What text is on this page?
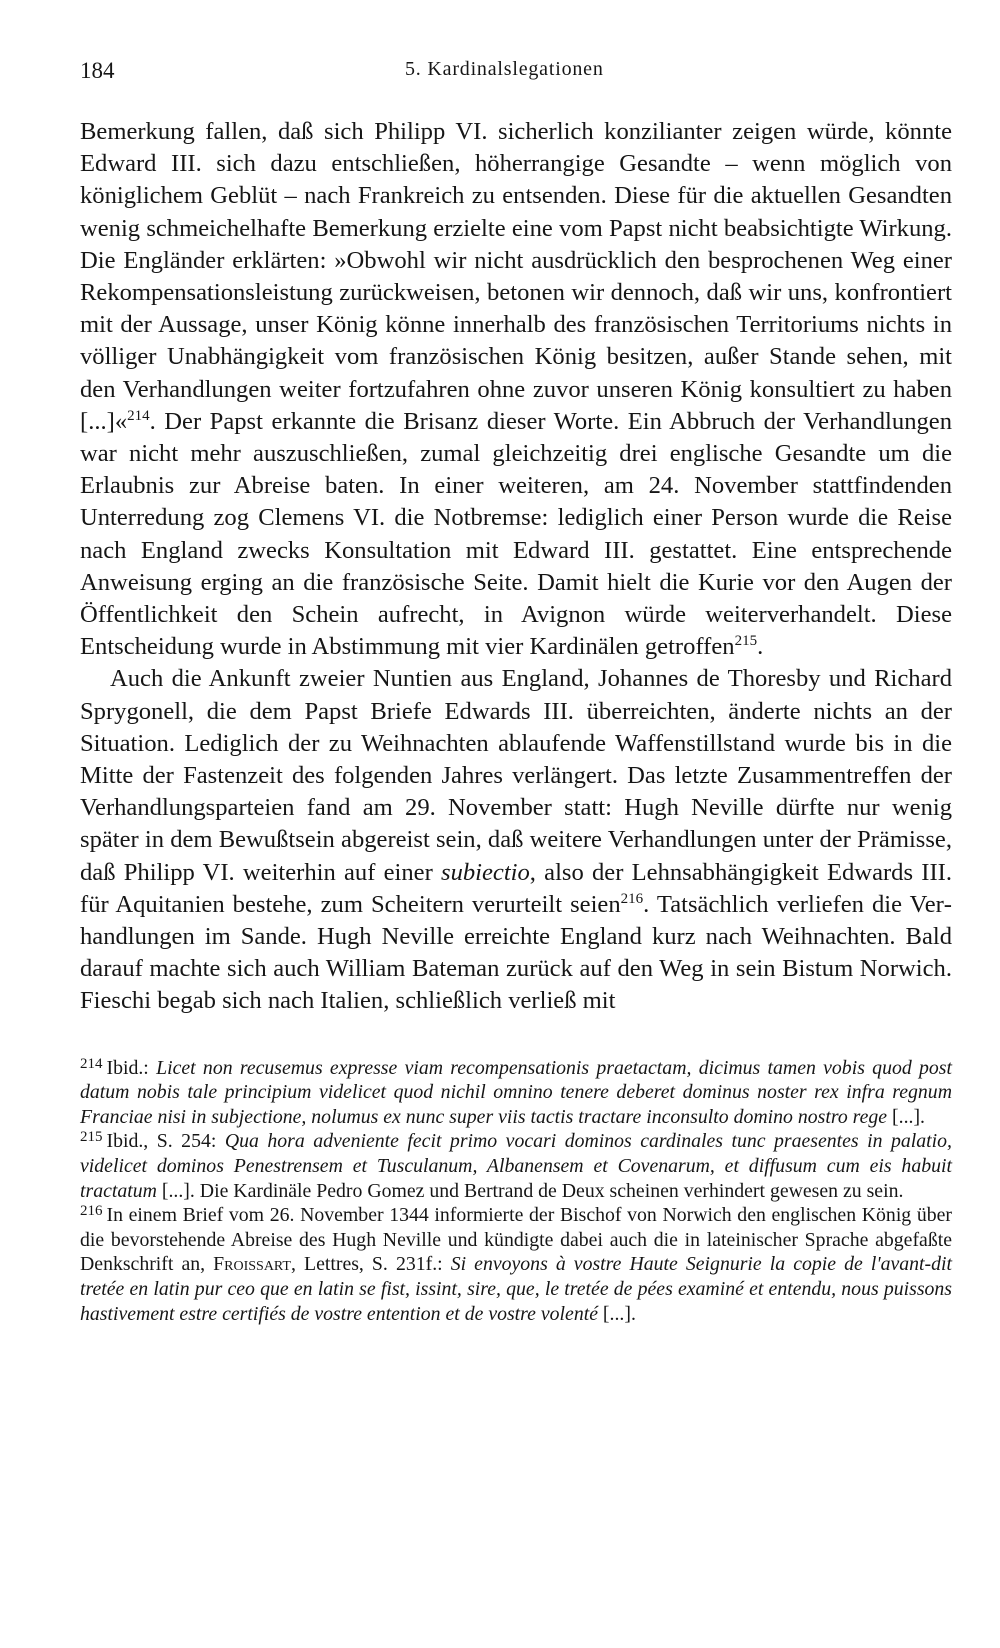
184	5. Kardinalslegationen

Bemerkung fallen, daß sich Philipp VI. sicherlich konzilianter zeigen würde, könnte Edward III. sich dazu entschließen, höherrangige Gesandte – wenn möglich von königlichem Geblüt – nach Frankreich zu entsenden. Diese für die aktuellen Gesandten wenig schmeichelhafte Bemerkung erzielte eine vom Papst nicht beabsichtigte Wirkung. Die Engländer erklärten: »Obwohl wir nicht ausdrücklich den besprochenen Weg einer Rekompensationsleistung zurückweisen, betonen wir dennoch, daß wir uns, konfrontiert mit der Aussage, unser König könne innerhalb des französischen Territoriums nichts in völliger Unabhängigkeit vom französischen König besitzen, außer Stande sehen, mit den Verhandlungen weiter fortzufahren ohne zuvor unseren König konsultiert zu haben [...]«$^{214}$. Der Papst erkannte die Brisanz dieser Worte. Ein Abbruch der Verhandlungen war nicht mehr auszuschließen, zumal gleichzeitig drei englische Gesandte um die Erlaubnis zur Abreise baten. In einer weiteren, am 24. November stattfindenden Unterredung zog Clemens VI. die Notbremse: lediglich einer Person wurde die Reise nach England zwecks Konsultation mit Edward III. gestattet. Eine entsprechende Anweisung erging an die französische Seite. Damit hielt die Kurie vor den Augen der Öffentlichkeit den Schein aufrecht, in Avignon würde weiterverhandelt. Diese Entscheidung wurde in Abstimmung mit vier Kardinälen getroffen$^{215}$.

Auch die Ankunft zweier Nuntien aus England, Johannes de Thoresby und Richard Sprygonell, die dem Papst Briefe Edwards III. überreichten, änderte nichts an der Situation. Lediglich der zu Weihnachten ablaufende Waffenstillstand wurde bis in die Mitte der Fastenzeit des folgenden Jahres verlängert. Das letzte Zusammentreffen der Verhandlungsparteien fand am 29. November statt: Hugh Neville dürfte nur wenig später in dem Bewußtsein abgereist sein, daß weitere Verhandlungen unter der Prämisse, daß Philipp VI. weiterhin auf einer subiectio, also der Lehnsabhängigkeit Edwards III. für Aquitanien bestehe, zum Scheitern verurteilt seien$^{216}$. Tatsächlich verliefen die Verhandlungen im Sande. Hugh Neville erreichte England kurz nach Weihnachten. Bald darauf machte sich auch William Bateman zurück auf den Weg in sein Bistum Norwich. Fieschi begab sich nach Italien, schließlich verließ mit

$^{214}$ Ibid.: Licet non recusemus expresse viam recompensationis praetactam, dicimus tamen vobis quod post datum nobis tale principium videlicet quod nichil omnino tenere deberet dominus noster rex infra regnum Franciae nisi in subjectione, nolumus ex nunc super viis tactis tractare inconsulto domino nostro rege [...].

$^{215}$ Ibid., S. 254: Qua hora adveniente fecit primo vocari dominos cardinales tunc praesentes in palatio, videlicet dominos Penestrensem et Tusculanum, Albanensem et Covenarum, et diffusum cum eis habuit tractatum [...]. Die Kardinäle Pedro Gomez und Bertrand de Deux scheinen verhindert gewesen zu sein.

$^{216}$ In einem Brief vom 26. November 1344 informierte der Bischof von Norwich den englischen König über die bevorstehende Abreise des Hugh Neville und kündigte dabei auch die in lateinischer Sprache abgefaßte Denkschrift an, Froissart, Lettres, S. 231f.: Si envoyons à vostre Haute Seignurie la copie de l'avant-dit tretée en latin pur ceo que en latin se fist, issint, sire, que, le tretée de pées examiné et entendu, nous puissons hastivement estre certifiés de vostre entention et de vostre volenté [...].
